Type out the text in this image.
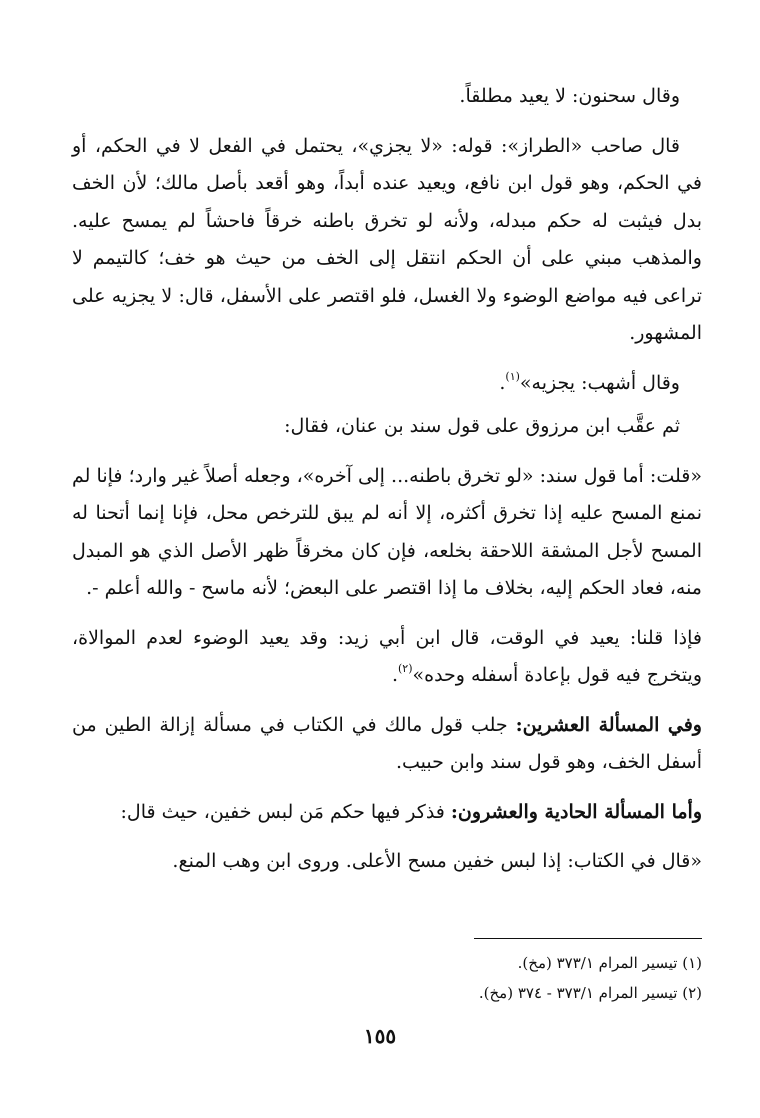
وقال سحنون: لا يعيد مطلقاً.

قال صاحب «الطراز»: قوله: «لا يجزي»، يحتمل في الفعل لا في الحكم، أو في الحكم، وهو قول ابن نافع، ويعيد عنده أبداً، وهو أقعد بأصل مالك؛ لأن الخف بدل فيثبت له حكم مبدله، ولأنه لو تخرق باطنه خرقاً فاحشاً لم يمسح عليه. والمذهب مبني على أن الحكم انتقل إلى الخف من حيث هو خف؛ كالتيمم لا تراعى فيه مواضع الوضوء ولا الغسل، فلو اقتصر على الأسفل، قال: لا يجزيه على المشهور.

وقال أشهب: يجزيه»$^{(١)}$.

ثم عقَّب ابن مرزوق على قول سند بن عنان، فقال:

«قلت: أما قول سند: «لو تخرق باطنه... إلى آخره»، وجعله أصلاً غير وارد؛ فإنا لم نمنع المسح عليه إذا تخرق أكثره، إلا أنه لم يبق للترخص محل، فإنا إنما أتحنا له المسح لأجل المشقة اللاحقة بخلعه، فإن كان مخرقاً ظهر الأصل الذي هو المبدل منه، فعاد الحكم إليه، بخلاف ما إذا اقتصر على البعض؛ لأنه ماسح - والله أعلم -.

فإذا قلنا: يعيد في الوقت، قال ابن أبي زيد: وقد يعيد الوضوء لعدم الموالاة، ويتخرج فيه قول بإعادة أسفله وحده»$^{(٢)}$.

وفي المسألة العشرين: جلب قول مالك في الكتاب في مسألة إزالة الطين من أسفل الخف، وهو قول سند وابن حبيب.

وأما المسألة الحادية والعشرون: فذكر فيها حكم مَن لبس خفين، حيث قال:

«قال في الكتاب: إذا لبس خفين مسح الأعلى. وروى ابن وهب المنع.

(١) تيسير المرام ٣٧٣/١ (مخ).

(٢) تيسير المرام ٣٧٣/١ - ٣٧٤ (مخ).

١٥٥
